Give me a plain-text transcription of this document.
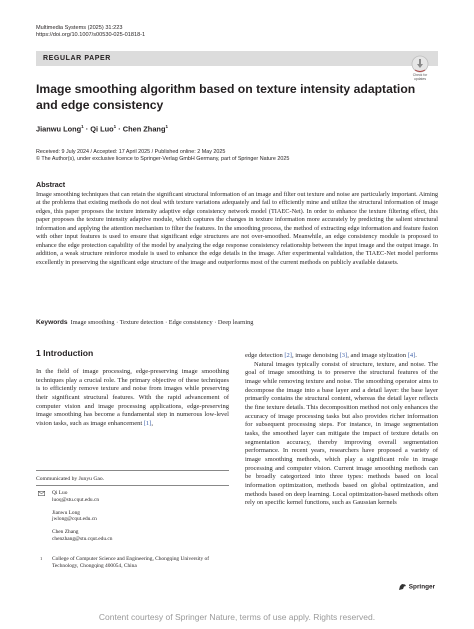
Multimedia Systems (2025) 31:223
https://doi.org/10.1007/s00530-025-01818-1
REGULAR PAPER
Check for
updates
Image smoothing algorithm based on texture intensity adaptation and edge consistency
Jianwu Long$^1$ · Qi Luo$^1$ · Chen Zhang$^1$
Received: 9 July 2024 / Accepted: 17 April 2025 / Published online: 2 May 2025
© The Author(s), under exclusive licence to Springer-Verlag GmbH Germany, part of Springer Nature 2025
Abstract
Image smoothing techniques that can retain the significant structural information of an image and filter out texture and noise are particularly important. Aiming at the problems that existing methods do not deal with texture variations adequately and fail to efficiently mine and utilize the structural information of image edges, this paper proposes the texture intensity adaptive edge consistency network model (TIAEC-Net). In order to enhance the texture filtering effect, this paper proposes the texture intensity adaptive module, which captures the changes in texture information more accurately by predicting the salient structural information and applying the attention mechanism to filter the features. In the smoothing process, the method of extracting edge information and feature fusion with other input features is used to ensure that significant edge structures are not over-smoothed. Meanwhile, an edge consistency module is proposed to enhance the edge protection capability of the model by analyzing the edge response consistency relationship between the input image and the output image. In addition, a weak structure reinforce module is used to enhance the edge details in the image. After experimental validation, the TIAEC-Net model performs excellently in preserving the significant edge structure of the image and outperforms most of the current methods on publicly available datasets.
Keywords Image smoothing · Texture detection · Edge consistency · Deep learning
1 Introduction

In the field of image processing, edge-preserving image smoothing techniques play a crucial role. The primary objective of these techniques is to efficiently remove texture and noise from images while preserving their significant structural features. With the rapid advancement of computer vision and image processing applications, edge-preserving image smoothing has become a fundamental step in numerous low-level vision tasks, such as image enhancement [1],

Communicated by Junyu Gao.
Qi Luo
luoq@stu.cqut.edu.cn
Jianwu Long
jwlong@cqut.edu.cn
Chen Zhang
chenzhang@stu.cqut.edu.cn
1 College of Computer Science and Engineering, Chongqing University of Technology, Chongqing 400054, China

edge detection [2], image denoising [3], and image stylization [4].

Natural images typically consist of structure, texture, and noise. The goal of image smoothing is to preserve the structural features of the image while removing texture and noise. The smoothing operator aims to decompose the image into a base layer and a detail layer: the base layer primarily contains the structural content, whereas the detail layer reflects the fine texture details. This decomposition method not only enhances the accuracy of image processing tasks but also provides richer information for subsequent processing steps. For instance, in image segmentation tasks, the smoothed layer can mitigate the impact of texture details on segmentation accuracy, thereby improving overall segmentation performance. In recent years, researchers have proposed a variety of image smoothing methods, which play a significant role in image processing and computer vision. Current image smoothing methods can be broadly categorized into three types: methods based on local information optimization, methods based on global optimization, and methods based on deep learning. Local optimization-based methods often rely on specific kernel functions, such as Gaussian kernels

Springer
Content courtesy of Springer Nature, terms of use apply. Rights reserved.
